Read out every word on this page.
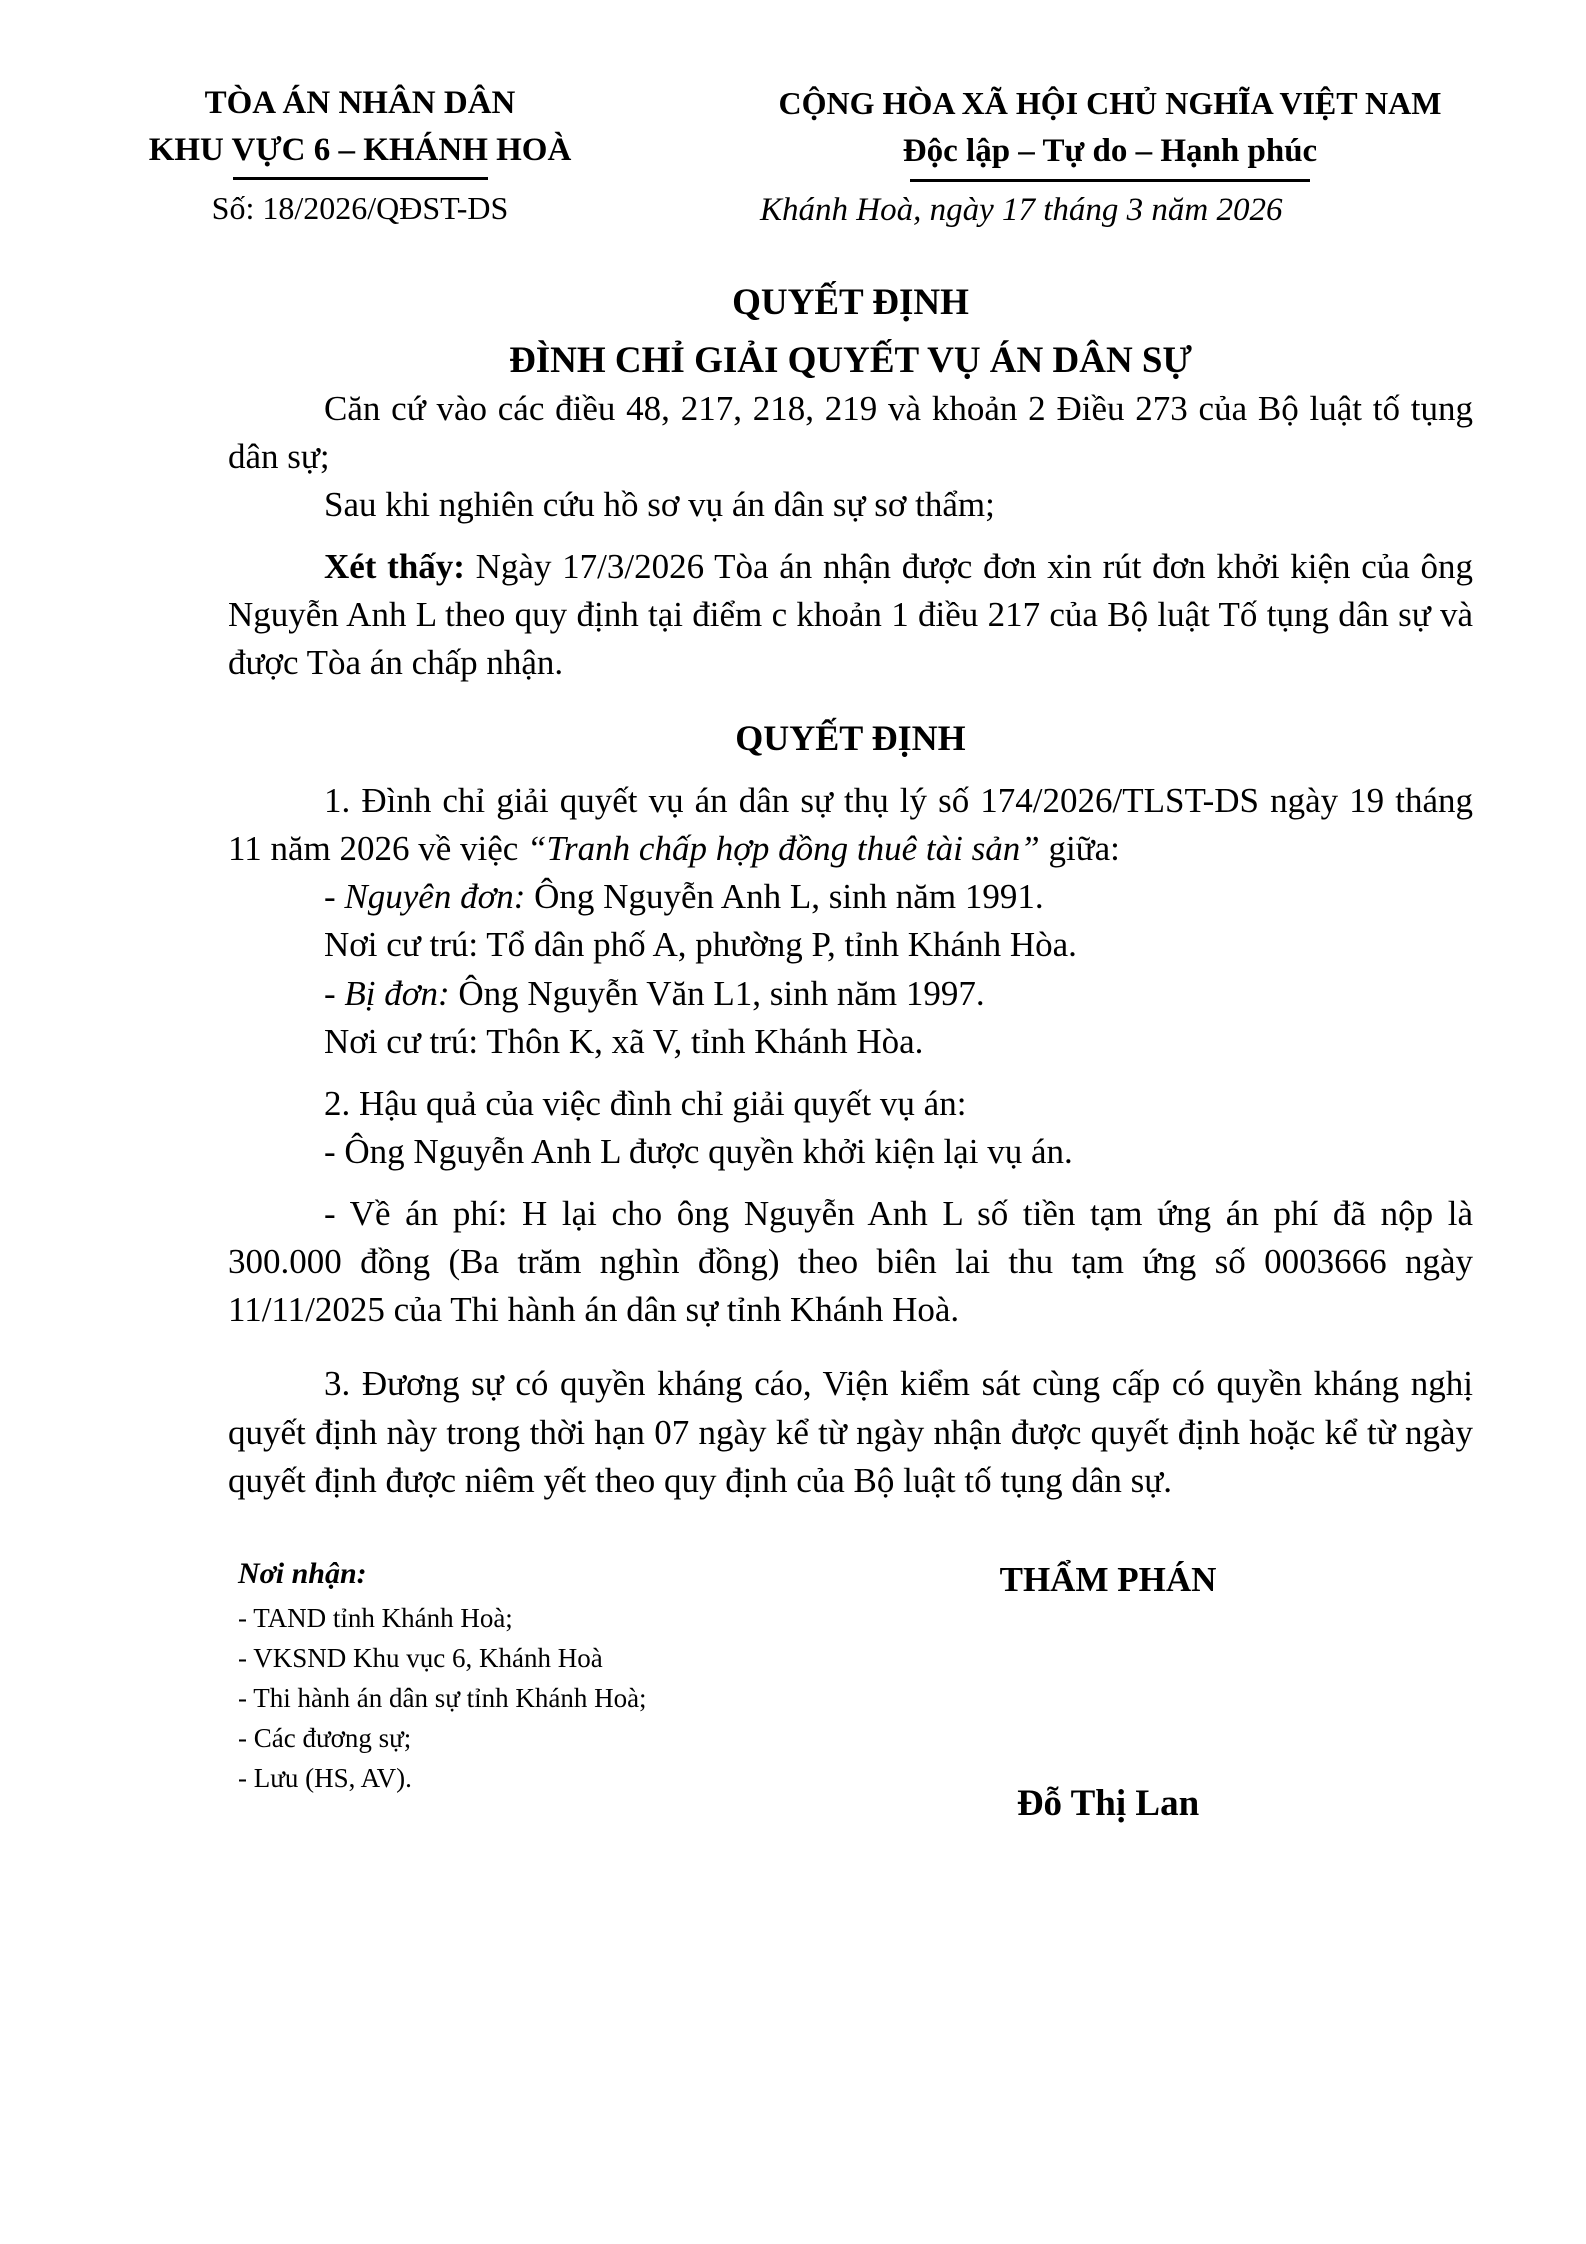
TÒA ÁN NHÂN DÂN
KHU VỰC 6 – KHÁNH HOÀ
Số: 18/2026/QĐST-DS
CỘNG HÒA XÃ HỘI CHỦ NGHĨA VIỆT NAM
Độc lập – Tự do – Hạnh phúc
Khánh Hoà, ngày 17 tháng 3 năm 2026
QUYẾT ĐỊNH
ĐÌNH CHỈ GIẢI QUYẾT VỤ ÁN DÂN SỰ

Căn cứ vào các điều 48, 217, 218, 219 và khoản 2 Điều 273 của Bộ luật tố tụng dân sự;

Sau khi nghiên cứu hồ sơ vụ án dân sự sơ thẩm;

Xét thấy: Ngày 17/3/2026 Tòa án nhận được đơn xin rút đơn khởi kiện của ông Nguyễn Anh L theo quy định tại điểm c khoản 1 điều 217 của Bộ luật Tố tụng dân sự và được Tòa án chấp nhận.

QUYẾT ĐỊNH

1. Đình chỉ giải quyết vụ án dân sự thụ lý số 174/2026/TLST-DS ngày 19 tháng 11 năm 2026 về việc “Tranh chấp hợp đồng thuê tài sản” giữa:

- Nguyên đơn: Ông Nguyễn Anh L, sinh năm 1991.

Nơi cư trú: Tổ dân phố A, phường P, tỉnh Khánh Hòa.

- Bị đơn: Ông Nguyễn Văn L1, sinh năm 1997.

Nơi cư trú: Thôn K, xã V, tỉnh Khánh Hòa.

2. Hậu quả của việc đình chỉ giải quyết vụ án:

- Ông Nguyễn Anh L được quyền khởi kiện lại vụ án.

- Về án phí: H lại cho ông Nguyễn Anh L số tiền tạm ứng án phí đã nộp là 300.000 đồng (Ba trăm nghìn đồng) theo biên lai thu tạm ứng số 0003666 ngày 11/11/2025 của Thi hành án dân sự tỉnh Khánh Hoà.

3. Đương sự có quyền kháng cáo, Viện kiểm sát cùng cấp có quyền kháng nghị quyết định này trong thời hạn 07 ngày kể từ ngày nhận được quyết định hoặc kể từ ngày quyết định được niêm yết theo quy định của Bộ luật tố tụng dân sự.

Nơi nhận:
- TAND tỉnh Khánh Hoà;
- VKSND Khu vục 6, Khánh Hoà
- Thi hành án dân sự tỉnh Khánh Hoà;
- Các đương sự;
- Lưu (HS, AV).
THẨM PHÁN
Đỗ Thị Lan
